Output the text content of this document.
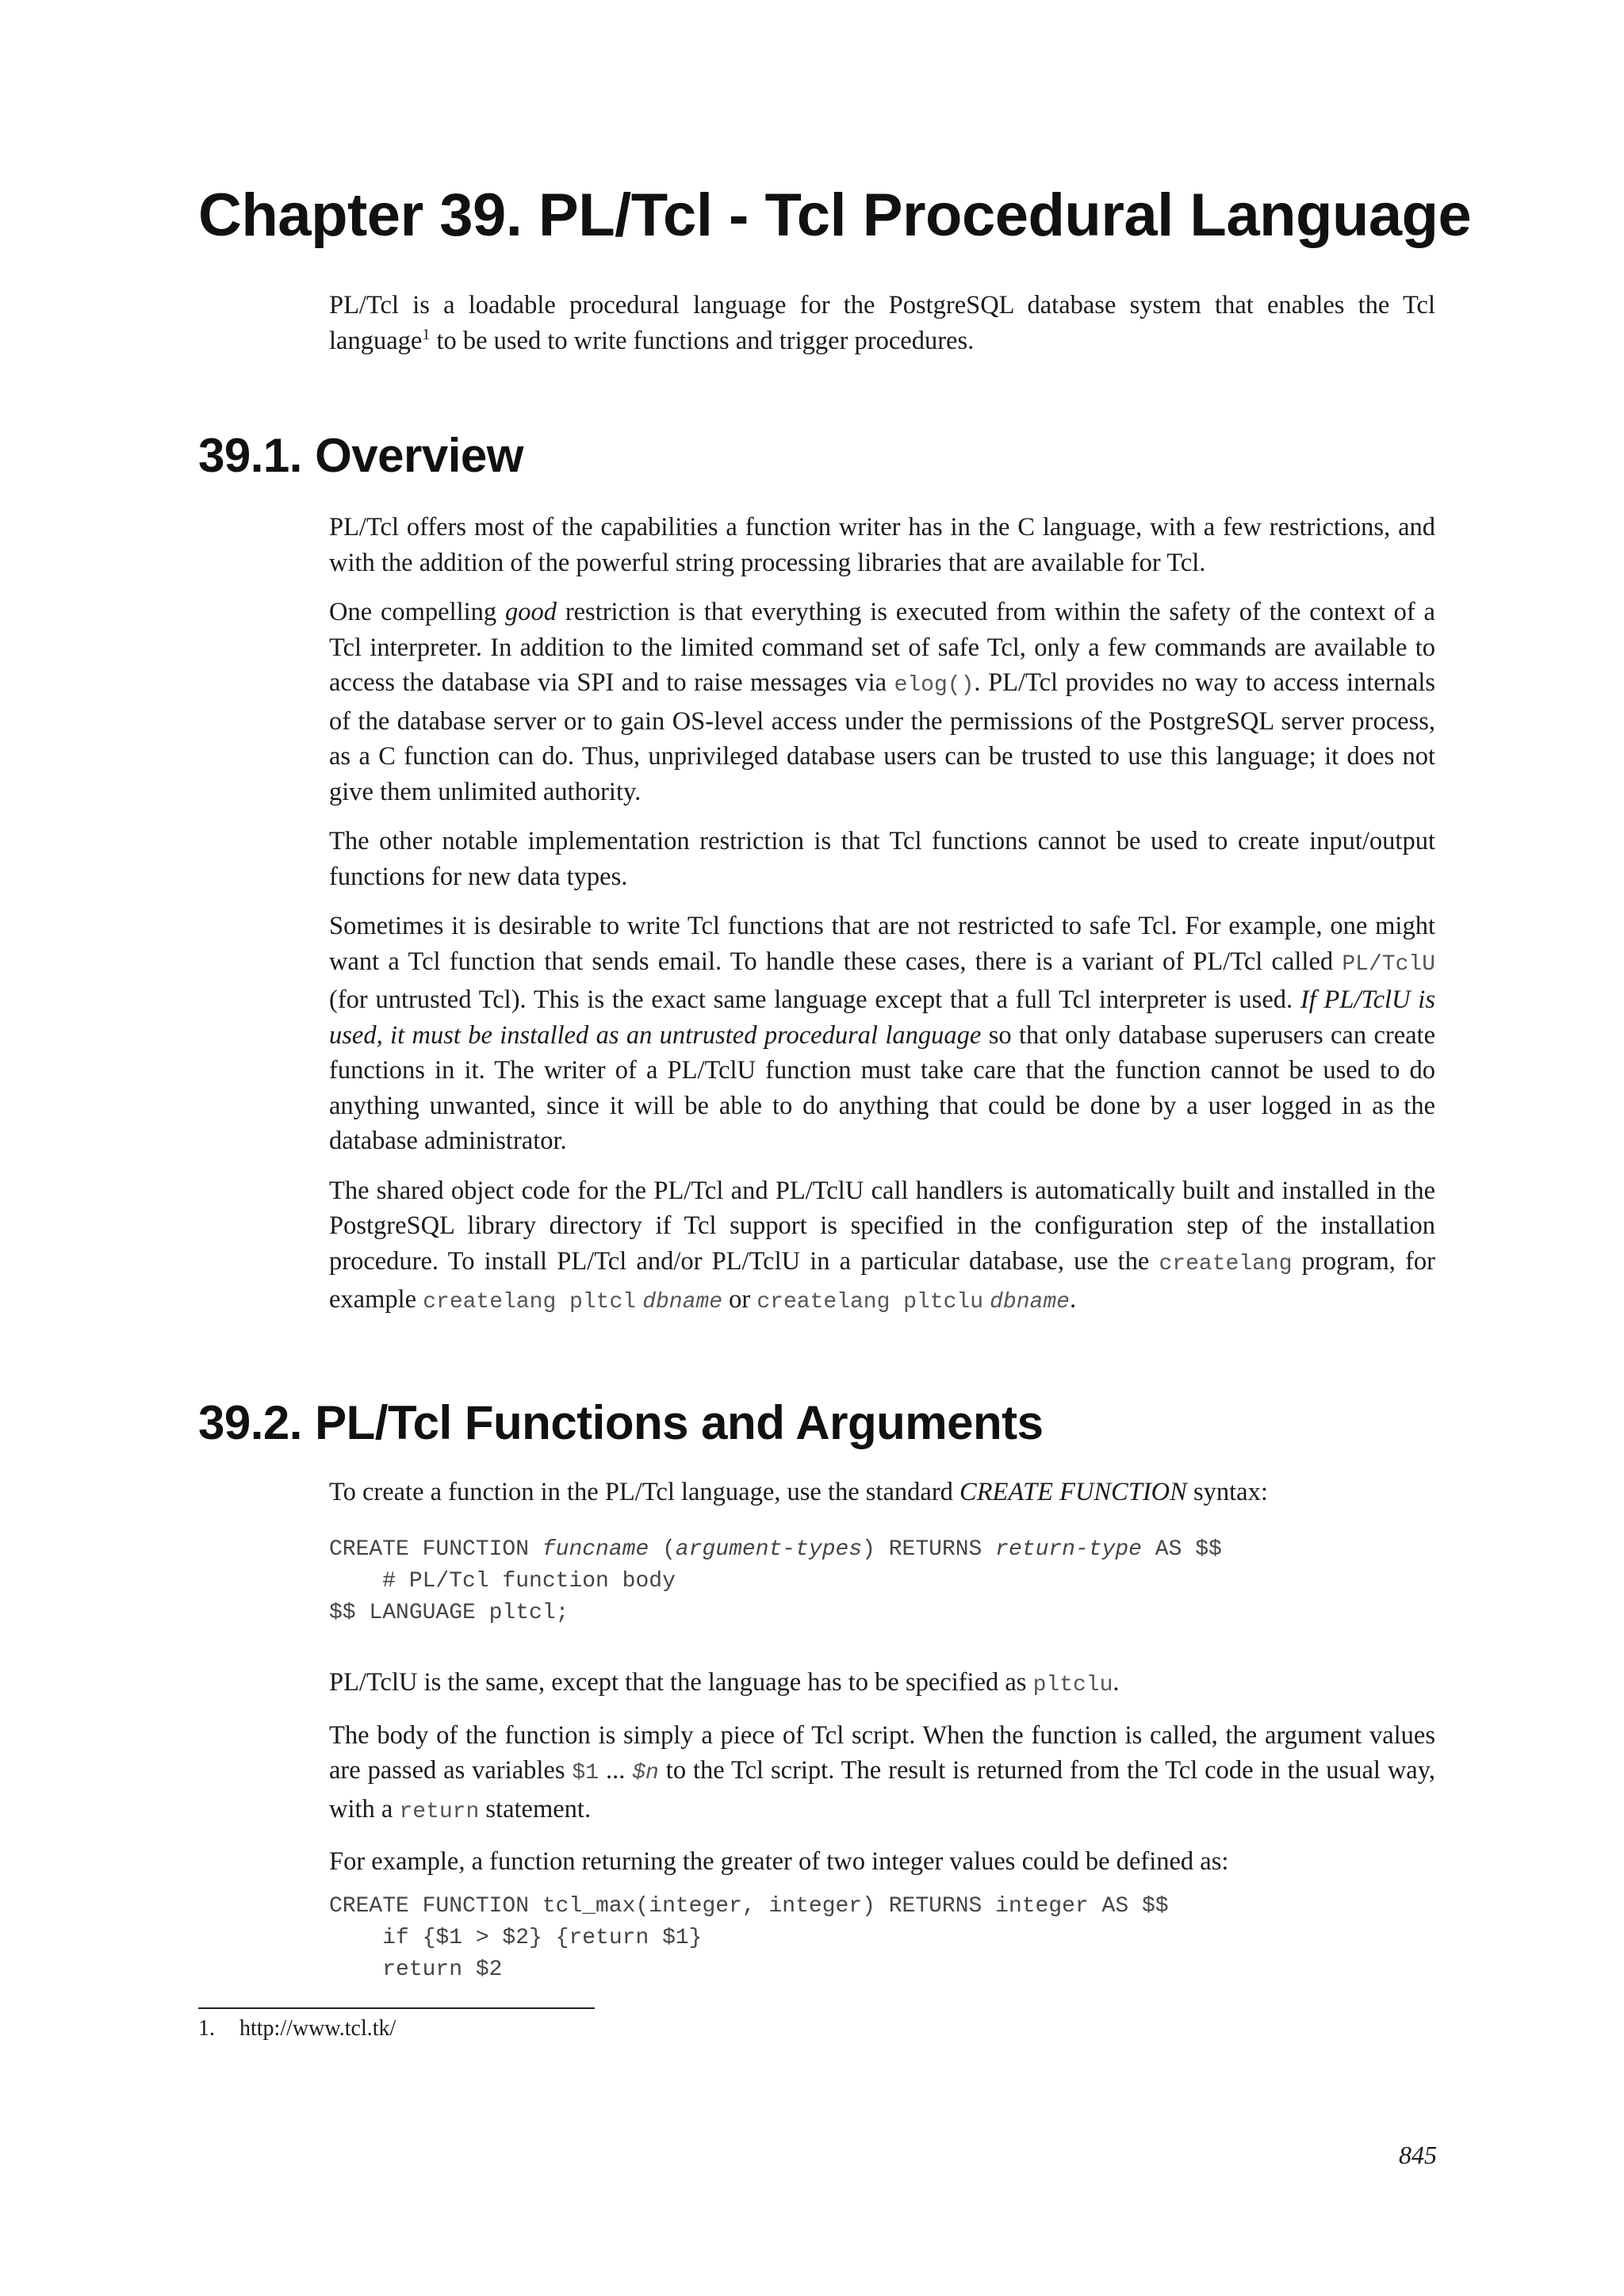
Chapter 39. PL/Tcl - Tcl Procedural Language

PL/Tcl is a loadable procedural language for the PostgreSQL database system that enables the Tcl language$^1$ to be used to write functions and trigger procedures.

39.1. Overview

PL/Tcl offers most of the capabilities a function writer has in the C language, with a few restrictions, and with the addition of the powerful string processing libraries that are available for Tcl.

One compelling good restriction is that everything is executed from within the safety of the context of a Tcl interpreter. In addition to the limited command set of safe Tcl, only a few commands are available to access the database via SPI and to raise messages via elog(). PL/Tcl provides no way to access internals of the database server or to gain OS-level access under the permissions of the PostgreSQL server process, as a C function can do. Thus, unprivileged database users can be trusted to use this language; it does not give them unlimited authority.

The other notable implementation restriction is that Tcl functions cannot be used to create input/output functions for new data types.

Sometimes it is desirable to write Tcl functions that are not restricted to safe Tcl. For example, one might want a Tcl function that sends email. To handle these cases, there is a variant of PL/Tcl called PL/TclU (for untrusted Tcl). This is the exact same language except that a full Tcl interpreter is used. If PL/TclU is used, it must be installed as an untrusted procedural language so that only database superusers can create functions in it. The writer of a PL/TclU function must take care that the function cannot be used to do anything unwanted, since it will be able to do anything that could be done by a user logged in as the database administrator.

The shared object code for the PL/Tcl and PL/TclU call handlers is automatically built and installed in the PostgreSQL library directory if Tcl support is specified in the configuration step of the installation procedure. To install PL/Tcl and/or PL/TclU in a particular database, use the createlang program, for example createlang pltcl dbname or createlang pltclu dbname.

39.2. PL/Tcl Functions and Arguments

To create a function in the PL/Tcl language, use the standard CREATE FUNCTION syntax:

CREATE FUNCTION funcname (argument-types) RETURNS return-type AS $$
# PL/Tcl function body
$$ LANGUAGE pltcl;

PL/TclU is the same, except that the language has to be specified as pltclu.

The body of the function is simply a piece of Tcl script. When the function is called, the argument values are passed as variables $1 ... $n to the Tcl script. The result is returned from the Tcl code in the usual way, with a return statement.

For example, a function returning the greater of two integer values could be defined as:

CREATE FUNCTION tcl_max(integer, integer) RETURNS integer AS $$
if {$1 > $2} {return $1}
return $2
1. http://www.tcl.tk/
845
